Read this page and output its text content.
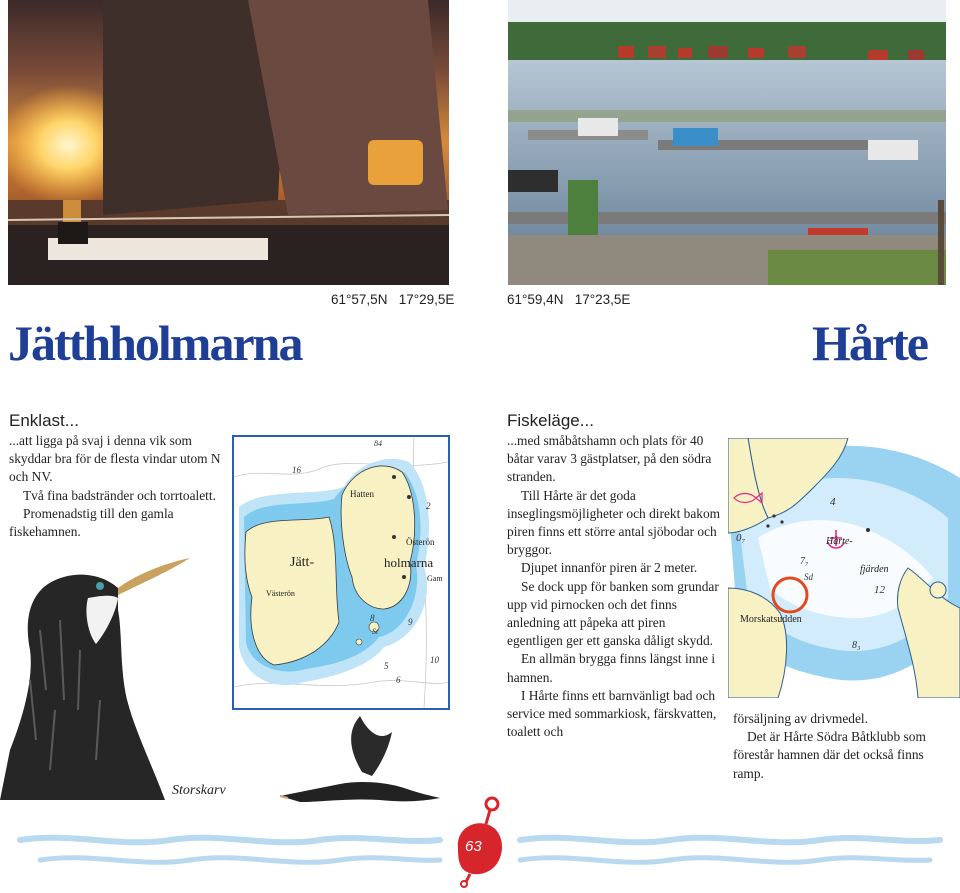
61°57,5N   17°29,5E
Jätthholmarna
Enklast...

...att ligga på svaj i denna vik som skyddar bra för de flesta vindar utom N och NV.

Två fina badstränder och torrtoalett.

Promenadstig till den gamla fiskehamnen.

Hatten
Österön
Jätt-	holmarna
Gam
Västerön
16
84
2
8
St
9
5
6
10
Storskarv
61°59,4N   17°23,5E
Hårte
Fiskeläge...

...med småbåtshamn och plats för 40 båtar varav 3 gästplatser, på den södra stranden.

Till Hårte är det goda inseglingsmöjligheter och direkt bakom piren finns ett större antal sjöbodar och bryggor.

Djupet innanför piren är 2 meter.

Se dock upp för banken som grundar upp vid pirnocken och det finns anledning att påpeka att piren egentligen ger ett ganska dåligt skydd.

En allmän brygga finns längst inne i hamnen.

I Hårte finns ett barnvänligt bad och service med sommarkiosk, färskvatten, toalett och

Hårte-
fjärden
Morskatsudden
4
0₇
7₇
Sd
12
8₃

försäljning av drivmedel.

Det är Hårte Södra Båtklubb som förestår hamnen där det också finns ramp.

63
